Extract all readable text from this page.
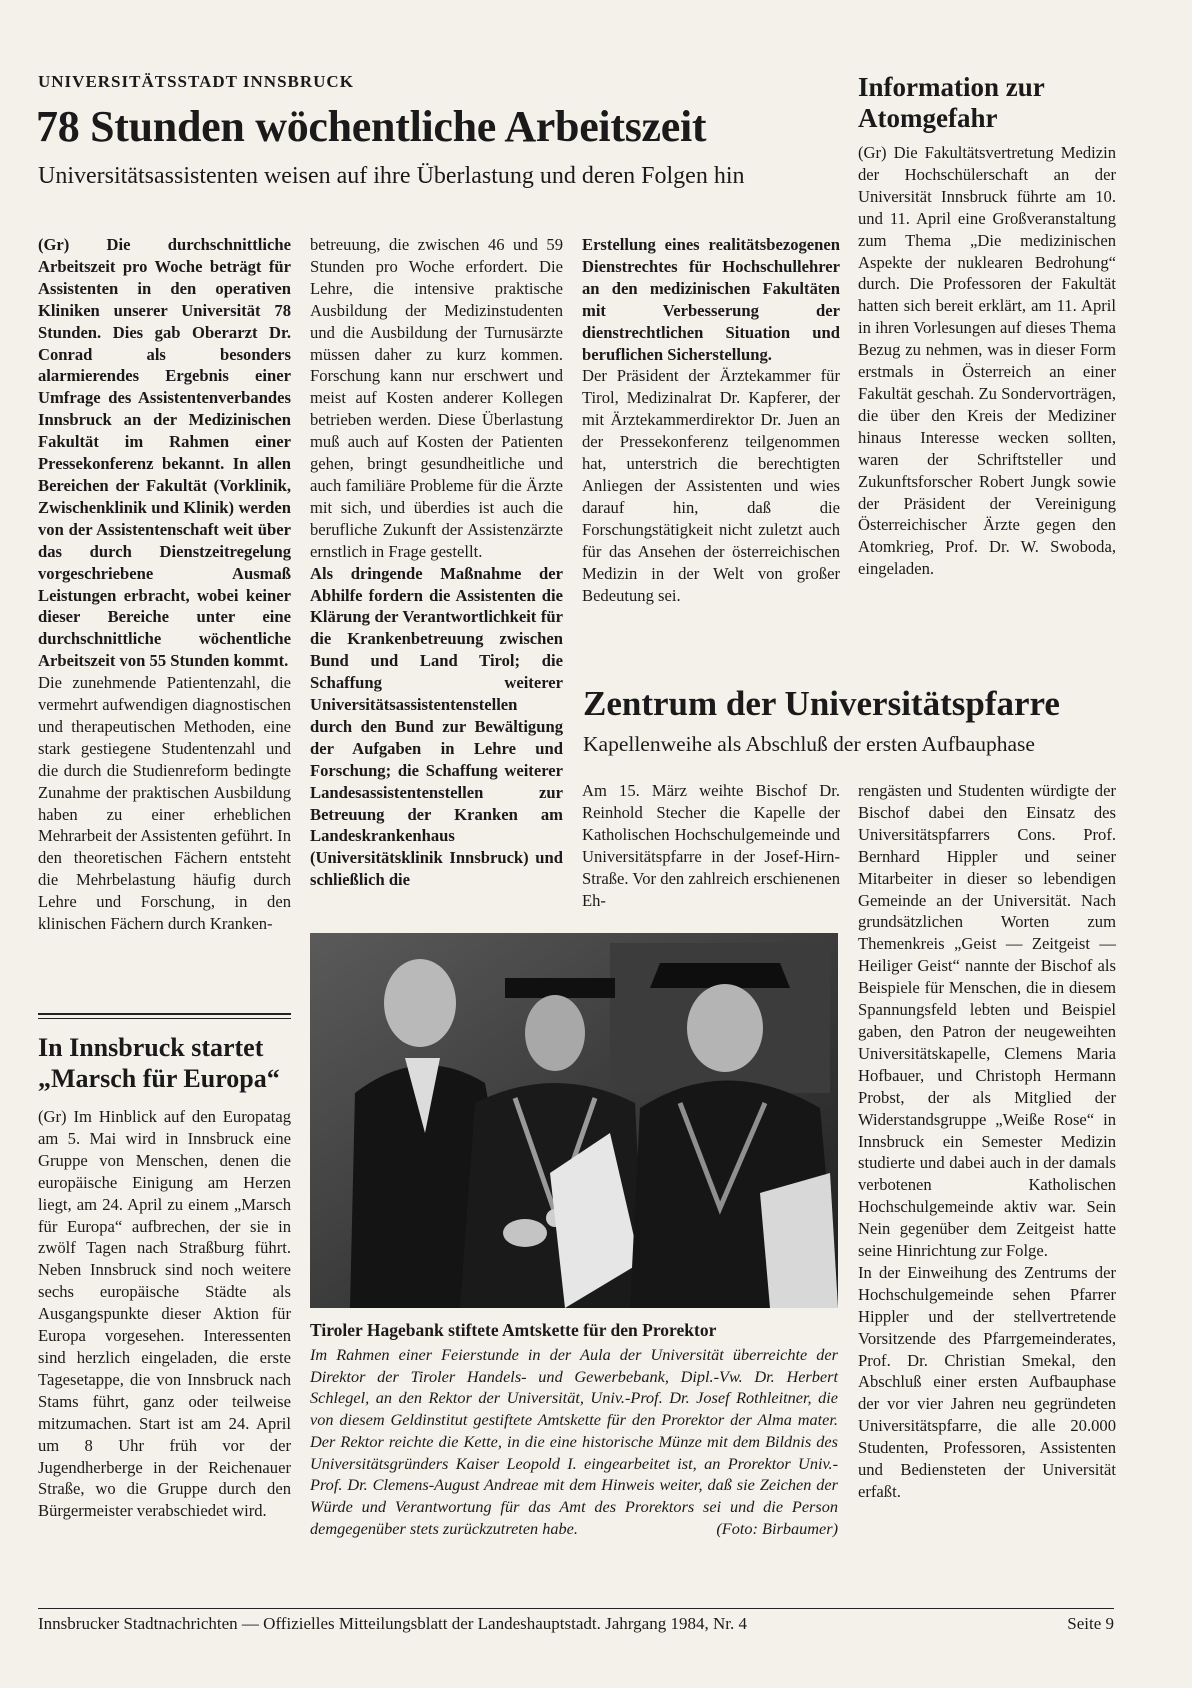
UNIVERSITÄTSSTADT INNSBRUCK
78 Stunden wöchentliche Arbeitszeit
Universitätsassistenten weisen auf ihre Überlastung und deren Folgen hin

(Gr) Die durchschnittliche Arbeitszeit pro Woche beträgt für Assistenten in den operativen Kliniken unserer Universität 78 Stunden. Dies gab Oberarzt Dr. Conrad als besonders alarmierendes Ergebnis einer Umfrage des Assistentenverbandes Innsbruck an der Medizinischen Fakultät im Rahmen einer Pressekonferenz bekannt. In allen Bereichen der Fakultät (Vorklinik, Zwischenklinik und Klinik) werden von der Assistentenschaft weit über das durch Dienstzeitregelung vorgeschriebene Ausmaß Leistungen erbracht, wobei keiner dieser Bereiche unter eine durchschnittliche wöchentliche Arbeitszeit von 55 Stunden kommt.

Die zunehmende Patientenzahl, die vermehrt aufwendigen diagnostischen und therapeutischen Methoden, eine stark gestiegene Studentenzahl und die durch die Studienreform bedingte Zunahme der praktischen Ausbildung haben zu einer erheblichen Mehrarbeit der Assistenten geführt. In den theoretischen Fächern entsteht die Mehrbelastung häufig durch Lehre und Forschung, in den klinischen Fächern durch Kranken-

betreuung, die zwischen 46 und 59 Stunden pro Woche erfordert. Die Lehre, die intensive praktische Ausbildung der Medizinstudenten und die Ausbildung der Turnusärzte müssen daher zu kurz kommen. Forschung kann nur erschwert und meist auf Kosten anderer Kollegen betrieben werden. Diese Überlastung muß auch auf Kosten der Patienten gehen, bringt gesundheitliche und auch familiäre Probleme für die Ärzte mit sich, und überdies ist auch die berufliche Zukunft der Assistenzärzte ernstlich in Frage gestellt.

Als dringende Maßnahme der Abhilfe fordern die Assistenten die Klärung der Verantwortlichkeit für die Krankenbetreuung zwischen Bund und Land Tirol; die Schaffung weiterer Universitätsassistentenstellen durch den Bund zur Bewältigung der Aufgaben in Lehre und Forschung; die Schaffung weiterer Landesassistentenstellen zur Betreuung der Kranken am Landeskrankenhaus (Universitätsklinik Innsbruck) und schließlich die

Erstellung eines realitätsbezogenen Dienstrechtes für Hochschullehrer an den medizinischen Fakultäten mit Verbesserung der dienstrechtlichen Situation und beruflichen Sicherstellung.

Der Präsident der Ärztekammer für Tirol, Medizinalrat Dr. Kapferer, der mit Ärztekammerdirektor Dr. Juen an der Pressekonferenz teilgenommen hat, unterstrich die berechtigten Anliegen der Assistenten und wies darauf hin, daß die Forschungstätigkeit nicht zuletzt auch für das Ansehen der österreichischen Medizin in der Welt von großer Bedeutung sei.

Information zur Atomgefahr

(Gr) Die Fakultätsvertretung Medizin der Hochschülerschaft an der Universität Innsbruck führte am 10. und 11. April eine Großveranstaltung zum Thema „Die medizinischen Aspekte der nuklearen Bedrohung“ durch. Die Professoren der Fakultät hatten sich bereit erklärt, am 11. April in ihren Vorlesungen auf dieses Thema Bezug zu nehmen, was in dieser Form erstmals in Österreich an einer Fakultät geschah. Zu Sondervorträgen, die über den Kreis der Mediziner hinaus Interesse wecken sollten, waren der Schriftsteller und Zukunftsforscher Robert Jungk sowie der Präsident der Vereinigung Österreichischer Ärzte gegen den Atomkrieg, Prof. Dr. W. Swoboda, eingeladen.

In Innsbruck startet
„Marsch für Europa“

(Gr) Im Hinblick auf den Europatag am 5. Mai wird in Innsbruck eine Gruppe von Menschen, denen die europäische Einigung am Herzen liegt, am 24. April zu einem „Marsch für Europa“ aufbrechen, der sie in zwölf Tagen nach Straßburg führt. Neben Innsbruck sind noch weitere sechs europäische Städte als Ausgangspunkte dieser Aktion für Europa vorgesehen. Interessenten sind herzlich eingeladen, die erste Tagesetappe, die von Innsbruck nach Stams führt, ganz oder teilweise mitzumachen. Start ist am 24. April um 8 Uhr früh vor der Jugendherberge in der Reichenauer Straße, wo die Gruppe durch den Bürgermeister verabschiedet wird.

Zentrum der Universitätspfarre
Kapellenweihe als Abschluß der ersten Aufbauphase

Am 15. März weihte Bischof Dr. Reinhold Stecher die Kapelle der Katholischen Hochschulgemeinde und Universitätspfarre in der Josef-Hirn-Straße. Vor den zahlreich erschienenen Eh-

rengästen und Studenten würdigte der Bischof dabei den Einsatz des Universitätspfarrers Cons. Prof. Bernhard Hippler und seiner Mitarbeiter in dieser so lebendigen Gemeinde an der Universität. Nach grundsätzlichen Worten zum Themenkreis „Geist — Zeitgeist — Heiliger Geist“ nannte der Bischof als Beispiele für Menschen, die in diesem Spannungsfeld lebten und Beispiel gaben, den Patron der neugeweihten Universitätskapelle, Clemens Maria Hofbauer, und Christoph Hermann Probst, der als Mitglied der Widerstandsgruppe „Weiße Rose“ in Innsbruck ein Semester Medizin studierte und dabei auch in der damals verbotenen Katholischen Hochschulgemeinde aktiv war. Sein Nein gegenüber dem Zeitgeist hatte seine Hinrichtung zur Folge.

In der Einweihung des Zentrums der Hochschulgemeinde sehen Pfarrer Hippler und der stellvertretende Vorsitzende des Pfarrgemeinderates, Prof. Dr. Christian Smekal, den Abschluß einer ersten Aufbauphase der vor vier Jahren neu gegründeten Universitätspfarre, die alle 20.000 Studenten, Professoren, Assistenten und Bediensteten der Universität erfaßt.

Tiroler Hagebank stiftete Amtskette für den Prorektor
Im Rahmen einer Feierstunde in der Aula der Universität überreichte der Direktor der Tiroler Handels- und Gewerbebank, Dipl.-Vw. Dr. Herbert Schlegel, an den Rektor der Universität, Univ.-Prof. Dr. Josef Rothleitner, die von diesem Geldinstitut gestiftete Amtskette für den Prorektor der Alma mater. Der Rektor reichte die Kette, in die eine historische Münze mit dem Bildnis des Universitätsgründers Kaiser Leopold I. eingearbeitet ist, an Prorektor Univ.-Prof. Dr. Clemens-August Andreae mit dem Hinweis weiter, daß sie Zeichen der Würde und Verantwortung für das Amt des Prorektors sei und die Person demgegenüber stets zurückzutreten habe.	(Foto: Birbaumer)
Innsbrucker Stadtnachrichten — Offizielles Mitteilungsblatt der Landeshauptstadt. Jahrgang 1984, Nr. 4	Seite 9
